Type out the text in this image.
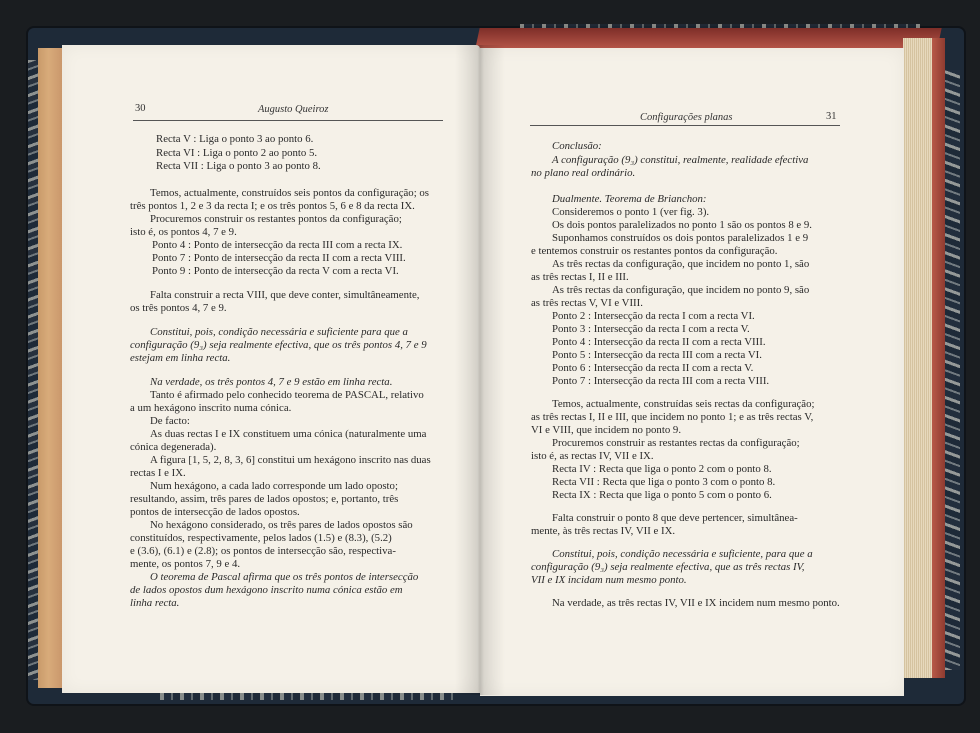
30	Augusto Queiroz
Configurações planas	31
Recta V : Liga o ponto 3 ao ponto 6.
Recta VI : Liga o ponto 2 ao ponto 5.
Recta VII : Liga o ponto 3 ao ponto 8.
Temos, actualmente, construídos seis pontos da configuração; os
três pontos 1, 2 e 3 da recta I; e os três pontos 5, 6 e 8 da recta IX.
Procuremos construir os restantes pontos da configuração;
isto é, os pontos 4, 7 e 9.
Ponto 4 : Ponto de intersecção da recta III com a recta IX.
Ponto 7 : Ponto de intersecção da recta II com a recta VIII.
Ponto 9 : Ponto de intersecção da recta V com a recta VI.
Falta construir a recta VIII, que deve conter, simultâneamente,
os três pontos 4, 7 e 9.
Constitui, pois, condição necessária e suficiente para que a
configuração (9₃) seja realmente efectiva, que os três pontos 4, 7 e 9
estejam em linha recta.
Na verdade, os três pontos 4, 7 e 9 estão em linha recta.
Tanto é afirmado pelo conhecido teorema de PASCAL, relativo
a um hexágono inscrito numa cónica.
De facto:
As duas rectas I e IX constituem uma cónica (naturalmente uma
cónica degenerada).
A figura [1, 5, 2, 8, 3, 6] constitui um hexágono inscrito nas duas
rectas I e IX.
Num hexágono, a cada lado corresponde um lado oposto;
resultando, assim, três pares de lados opostos; e, portanto, três
pontos de intersecção de lados opostos.
No hexágono considerado, os três pares de lados opostos são
constituídos, respectivamente, pelos lados (1.5) e (8.3), (5.2)
e (3.6), (6.1) e (2.8); os pontos de intersecção são, respectiva-
mente, os pontos 7, 9 e 4.
O teorema de Pascal afirma que os três pontos de intersecção
de lados opostos dum hexágono inscrito numa cónica estão em
linha recta.
Conclusão:
A configuração (9₃) constitui, realmente, realidade efectiva
no plano real ordinário.
Dualmente. Teorema de Brianchon:
Consideremos o ponto 1 (ver fig. 3).
Os dois pontos paralelizados no ponto 1 são os pontos 8 e 9.
Suponhamos construídos os dois pontos paralelizados 1 e 9
e tentemos construir os restantes pontos da configuração.
As três rectas da configuração, que incidem no ponto 1, são
as três rectas I, II e III.
As três rectas da configuração, que incidem no ponto 9, são
as três rectas V, VI e VIII.
Ponto 2 : Intersecção da recta I com a recta VI.
Ponto 3 : Intersecção da recta I com a recta V.
Ponto 4 : Intersecção da recta II com a recta VIII.
Ponto 5 : Intersecção da recta III com a recta VI.
Ponto 6 : Intersecção da recta II com a recta V.
Ponto 7 : Intersecção da recta III com a recta VIII.
Temos, actualmente, construídas seis rectas da configuração;
as três rectas I, II e III, que incidem no ponto 1; e as três rectas V,
VI e VIII, que incidem no ponto 9.
Procuremos construir as restantes rectas da configuração;
isto é, as rectas IV, VII e IX.
Recta IV : Recta que liga o ponto 2 com o ponto 8.
Recta VII : Recta que liga o ponto 3 com o ponto 8.
Recta IX : Recta que liga o ponto 5 com o ponto 6.
Falta construir o ponto 8 que deve pertencer, simultânea-
mente, às três rectas IV, VII e IX.
Constitui, pois, condição necessária e suficiente, para que a
configuração (9₃) seja realmente efectiva, que as três rectas IV,
VII e IX incidam num mesmo ponto.
Na verdade, as três rectas IV, VII e IX incidem num mesmo ponto.
